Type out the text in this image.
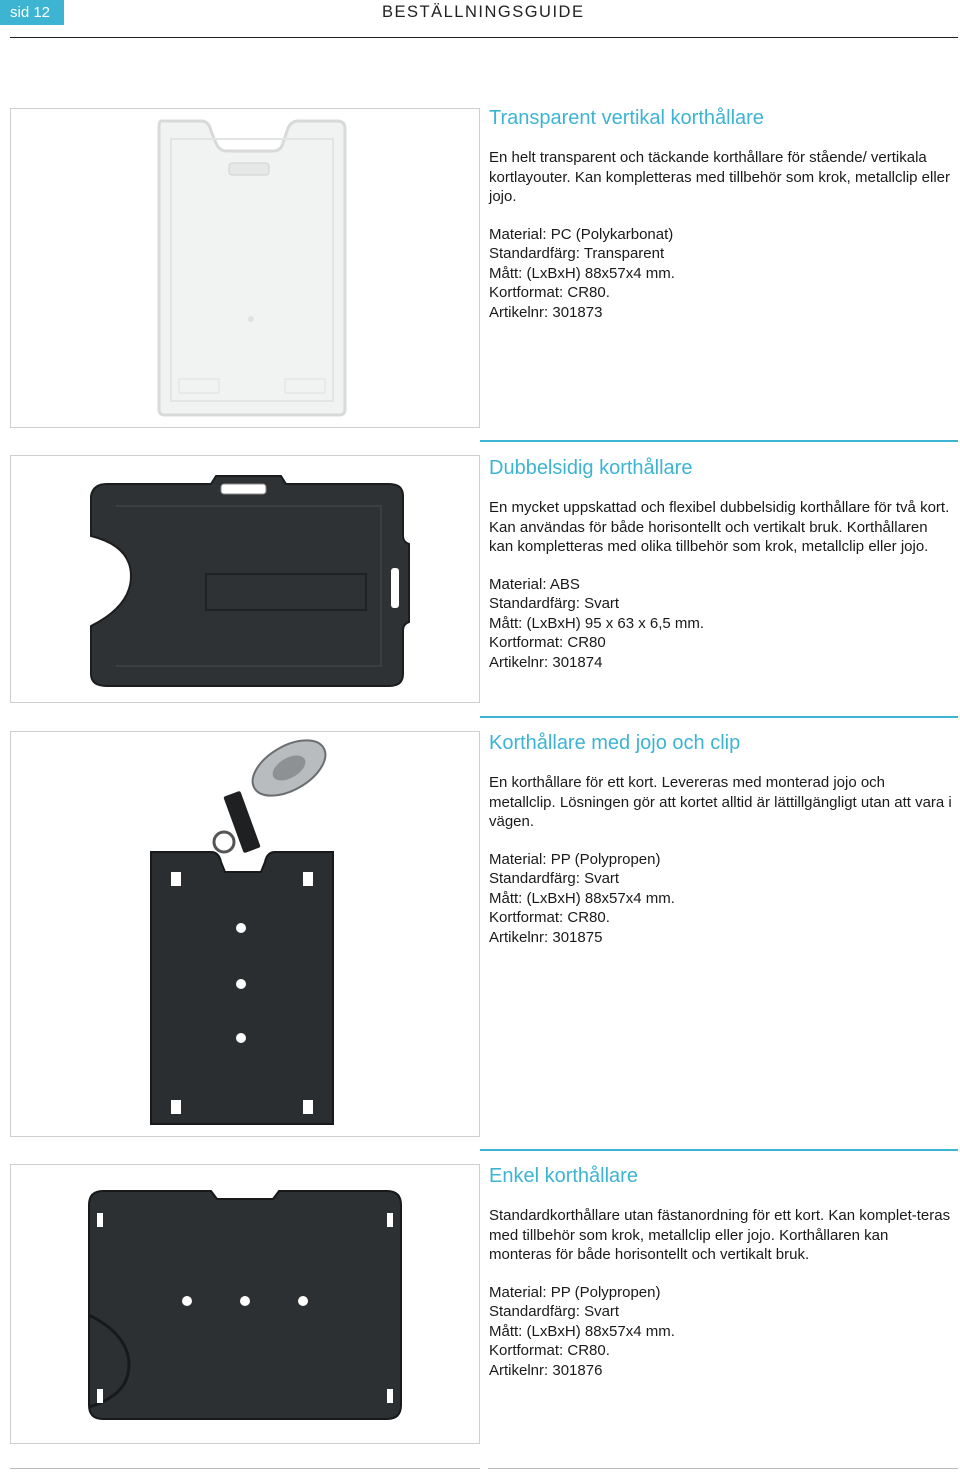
sid 12	BESTÄLLNINGSGUIDE
Transparent vertikal korthållare

En helt transparent och täckande korthållare för stående/ vertikala kortlayouter. Kan kompletteras med tillbehör som krok, metallclip eller jojo.

Material: PC (Polykarbonat)
Standardfärg: Transparent
Mått: (LxBxH) 88x57x4 mm.
Kortformat: CR80.
Artikelnr: 301873
Dubbelsidig korthållare

En mycket uppskattad och flexibel dubbelsidig korthållare för två kort. Kan användas för både horisontellt och vertikalt bruk. Korthållaren kan kompletteras med olika tillbehör som krok, metallclip eller jojo.

Material: ABS
Standardfärg: Svart
Mått: (LxBxH) 95 x 63 x 6,5 mm.
Kortformat: CR80
Artikelnr: 301874
Korthållare med jojo och clip

En korthållare för ett kort. Levereras med monterad jojo och metallclip. Lösningen gör att kortet alltid är lättillgängligt utan att vara i vägen.

Material: PP (Polypropen)
Standardfärg: Svart
Mått: (LxBxH) 88x57x4 mm.
Kortformat: CR80.
Artikelnr: 301875
Enkel korthållare

Standardkorthållare utan fästanordning för ett kort. Kan komplet-teras med tillbehör som krok, metallclip eller jojo. Korthållaren kan monteras för både horisontellt och vertikalt bruk.

Material: PP (Polypropen)
Standardfärg: Svart
Mått: (LxBxH) 88x57x4 mm.
Kortformat: CR80.
Artikelnr: 301876
